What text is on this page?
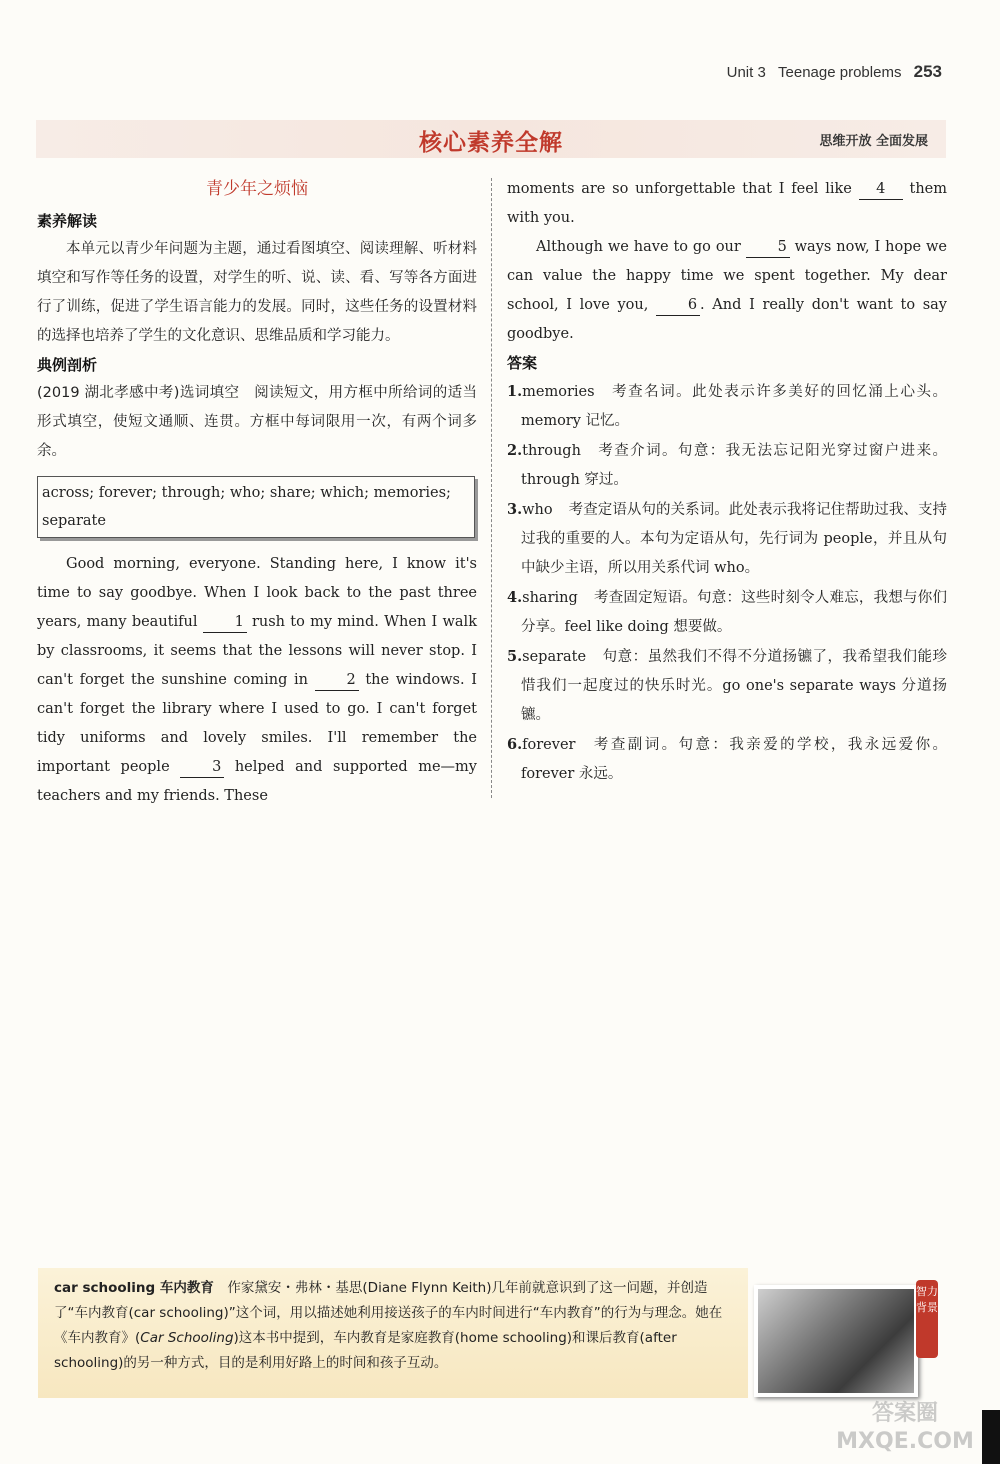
Unit 3 Teenage problems 253
核心素养全解	思维开放 全面发展
青少年之烦恼
素养解读

本单元以青少年问题为主题，通过看图填空、阅读理解、听材料填空和写作等任务的设置，对学生的听、说、读、看、写等各方面进行了训练，促进了学生语言能力的发展。同时，这些任务的设置材料的选择也培养了学生的文化意识、思维品质和学习能力。

典例剖析

(2019 湖北孝感中考)选词填空　阅读短文，用方框中所给词的适当形式填空，使短文通顺、连贯。方框中每词限用一次，有两个词多余。

across; forever; through; who; share; which; memories; separate

Good morning, everyone. Standing here, I know it's time to say goodbye. When I look back to the past three years, many beautiful 1 rush to my mind. When I walk by classrooms, it seems that the lessons will never stop. I can't forget the sunshine coming in 2 the windows. I can't forget the library where I used to go. I can't forget tidy uniforms and lovely smiles. I'll remember the important people 3 helped and supported me—my teachers and my friends. These

moments are so unforgettable that I feel like 4 them with you.

Although we have to go our 5 ways now, I hope we can value the happy time we spent together. My dear school, I love you, 6 . And I really don't want to say goodbye.

答案
1.memories 考查名词。此处表示许多美好的回忆涌上心头。memory 记忆。
2.through 考查介词。句意：我无法忘记阳光穿过窗户进来。through 穿过。
3.who 考查定语从句的关系词。此处表示我将记住帮助过我、支持过我的重要的人。本句为定语从句，先行词为 people，并且从句中缺少主语，所以用关系代词 who。
4.sharing 考查固定短语。句意：这些时刻令人难忘，我想与你们分享。feel like doing 想要做。
5.separate 句意：虽然我们不得不分道扬镳了，我希望我们能珍惜我们一起度过的快乐时光。go one's separate ways 分道扬镳。
6.forever 考查副词。句意：我亲爱的学校，我永远爱你。forever 永远。
car schooling 车内教育　作家黛安・弗林・基思(Diane Flynn Keith)几年前就意识到了这一问题，并创造了“车内教育(car schooling)”这个词，用以描述她利用接送孩子的车内时间进行“车内教育”的行为与理念。她在《车内教育》(Car Schooling)这本书中提到，车内教育是家庭教育(home schooling)和课后教育(after schooling)的另一种方式，目的是利用好路上的时间和孩子互动。
智力背景
答案圈 MXQE.COM
